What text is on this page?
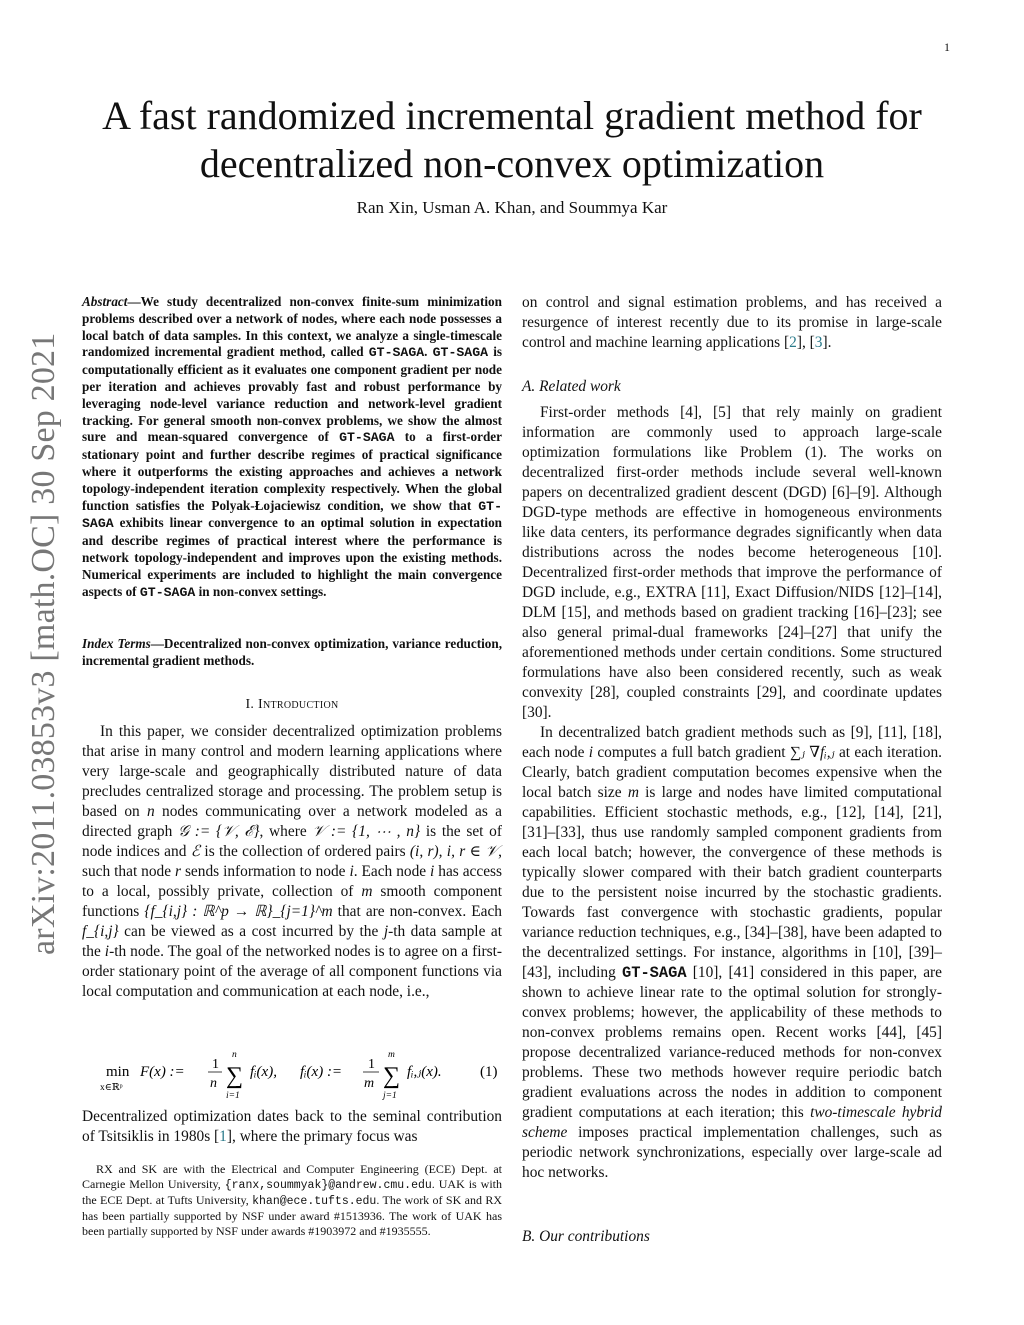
1
arXiv:2011.03853v3 [math.OC] 30 Sep 2021
A fast randomized incremental gradient method for decentralized non-convex optimization
Ran Xin, Usman A. Khan, and Soummya Kar
Abstract—We study decentralized non-convex finite-sum minimization problems described over a network of nodes, where each node possesses a local batch of data samples. In this context, we analyze a single-timescale randomized incremental gradient method, called GT-SAGA. GT-SAGA is computationally efficient as it evaluates one component gradient per node per iteration and achieves provably fast and robust performance by leveraging node-level variance reduction and network-level gradient tracking. For general smooth non-convex problems, we show the almost sure and mean-squared convergence of GT-SAGA to a first-order stationary point and further describe regimes of practical significance where it outperforms the existing approaches and achieves a network topology-independent iteration complexity respectively. When the global function satisfies the Polyak-Łojaciewisz condition, we show that GT-SAGA exhibits linear convergence to an optimal solution in expectation and describe regimes of practical interest where the performance is network topology-independent and improves upon the existing methods. Numerical experiments are included to highlight the main convergence aspects of GT-SAGA in non-convex settings.
Index Terms—Decentralized non-convex optimization, variance reduction, incremental gradient methods.
I. Introduction

In this paper, we consider decentralized optimization problems that arise in many control and modern learning applications where very large-scale and geographically distributed nature of data precludes centralized storage and processing. The problem setup is based on n nodes communicating over a network modeled as a directed graph 𝒢 := {𝒱, ℰ}, where 𝒱 := {1, ⋯ , n} is the set of node indices and ℰ is the collection of ordered pairs (i, r), i, r ∈ 𝒱, such that node r sends information to node i. Each node i has access to a local, possibly private, collection of m smooth component functions {f_{i,j} : ℝ^p → ℝ}_{j=1}^m that are non-convex. Each f_{i,j} can be viewed as a cost incurred by the j-th data sample at the i-th node. The goal of the networked nodes is to agree on a first-order stationary point of the average of all component functions via local computation and communication at each node, i.e.,

min
x∈ℝᵖ
F(x) := 1
n
n
∑
i=1
fᵢ(x), fᵢ(x) := 1
m
m
∑
j=1
fᵢ,ⱼ(x).	(1)

Decentralized optimization dates back to the seminal contribution of Tsitsiklis in 1980s [1], where the primary focus was

RX and SK are with the Electrical and Computer Engineering (ECE) Dept. at Carnegie Mellon University, {ranx,soummyak}@andrew.cmu.edu. UAK is with the ECE Dept. at Tufts University, khan@ece.tufts.edu. The work of SK and RX has been partially supported by NSF under award #1513936. The work of UAK has been partially supported by NSF under awards #1903972 and #1935555.

on control and signal estimation problems, and has received a resurgence of interest recently due to its promise in large-scale control and machine learning applications [2], [3].

A. Related work

First-order methods [4], [5] that rely mainly on gradient information are commonly used to approach large-scale optimization formulations like Problem (1). The works on decentralized first-order methods include several well-known papers on decentralized gradient descent (DGD) [6]–[9]. Although DGD-type methods are effective in homogeneous environments like data centers, its performance degrades significantly when data distributions across the nodes become heterogeneous [10]. Decentralized first-order methods that improve the performance of DGD include, e.g., EXTRA [11], Exact Diffusion/NIDS [12]–[14], DLM [15], and methods based on gradient tracking [16]–[23]; see also general primal-dual frameworks [24]–[27] that unify the aforementioned methods under certain conditions. Some structured formulations have also been considered recently, such as weak convexity [28], coupled constraints [29], and coordinate updates [30].

In decentralized batch gradient methods such as [9], [11], [18], each node i computes a full batch gradient ∑ⱼ ∇fᵢ,ⱼ at each iteration. Clearly, batch gradient computation becomes expensive when the local batch size m is large and nodes have limited computational capabilities. Efficient stochastic methods, e.g., [12], [14], [21], [31]–[33], thus use randomly sampled component gradients from each local batch; however, the convergence of these methods is typically slower compared with their batch gradient counterparts due to the persistent noise incurred by the stochastic gradients. Towards fast convergence with stochastic gradients, popular variance reduction techniques, e.g., [34]–[38], have been adapted to the decentralized settings. For instance, algorithms in [10], [39]–[43], including GT-SAGA [10], [41] considered in this paper, are shown to achieve linear rate to the optimal solution for strongly-convex problems; however, the applicability of these methods to non-convex problems remains open. Recent works [44], [45] propose decentralized variance-reduced methods for non-convex problems. These two methods however require periodic batch gradient evaluations across the nodes in addition to component gradient computations at each iteration; this two-timescale hybrid scheme imposes practical implementation challenges, such as periodic network synchronizations, especially over large-scale ad hoc networks.

B. Our contributions
